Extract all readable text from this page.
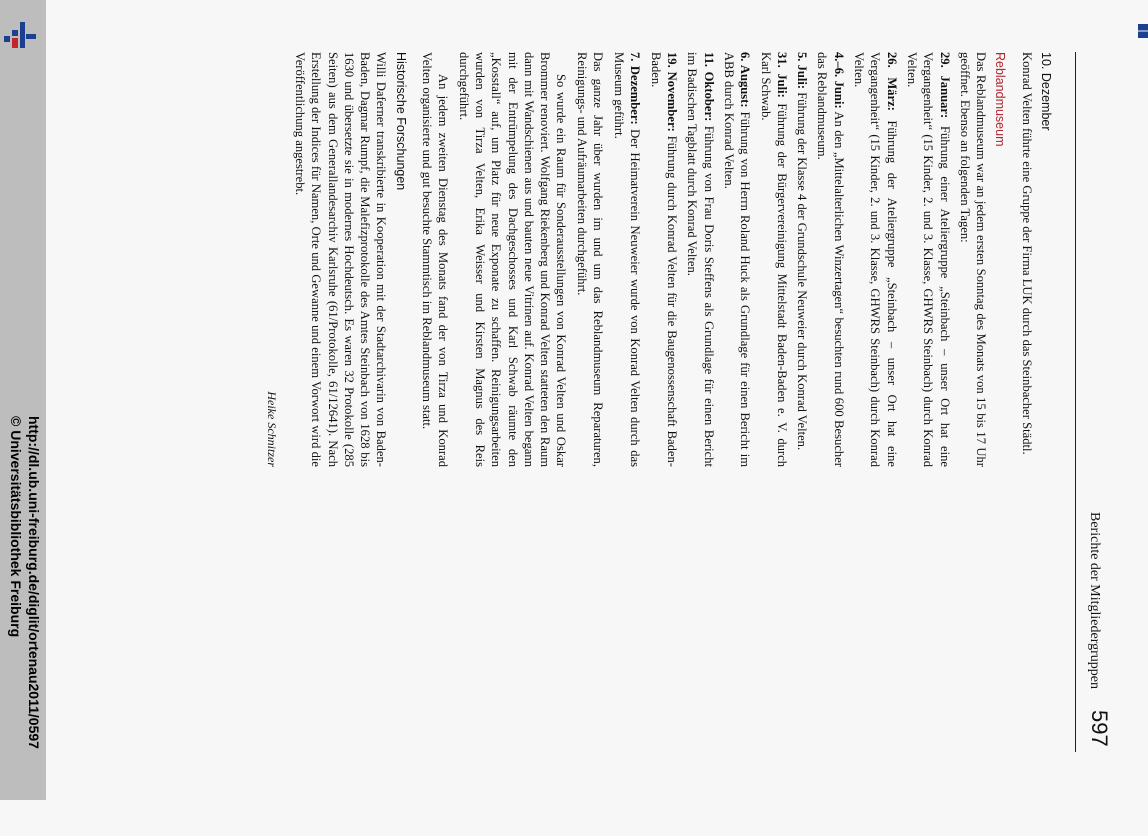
http://dl.ub.uni-freiburg.de/diglit/ortenau2011/0597
© Universitätsbibliothek Freiburg	Berichte der Mitgliedergruppen
597
10. Dezember

Konrad Velten führte eine Gruppe der Firma LUK durch das Steinbacher Städtl.

Reblandmuseum

Das Reblandmuseum war an jedem ersten Sonntag des Monats von 15 bis 17 Uhr geöffnet. Ebenso an folgenden Tagen:

29. Januar: Führung einer Ateliergruppe „Steinbach – unser Ort hat eine Vergangenheit“ (15 Kinder, 2. und 3. Klasse, GHWRS Steinbach) durch Konrad Velten.

26. März: Führung der Ateliergruppe „Steinbach – unser Ort hat eine Vergangenheit“ (15 Kinder, 2. und 3. Klasse, GHWRS Steinbach) durch Konrad Velten.

4.–6. Juni: An den „Mittelalterlichen Winzertagen“ besuchten rund 600 Besucher das Reblandmuseum.

5. Juli: Führung der Klasse 4 der Grundschule Neuweier durch Konrad Velten.

31. Juli: Führung der Bürgervereinigung Mittelstadt Baden-Baden e. V. durch Karl Schwab.

6. August: Führung von Herrn Roland Huck als Grundlage für einen Bericht im ABB durch Konrad Velten.

11. Oktober: Führung von Frau Doris Steffens als Grundlage für einen Bericht im Badischen Tagblatt durch Konrad Velten.

19. November: Führung durch Konrad Velten für die Baugenossenschaft Baden-Baden.

7. Dezember: Der Heimatverein Neuweier wurde von Konrad Velten durch das Museum geführt.

Das ganze Jahr über wurden im und um das Reblandmuseum Reparaturen, Reinigungs- und Aufräumarbeiten durchgeführt.

So wurde ein Raum für Sonderausstellungen von Konrad Velten und Oskar Brommer renoviert. Wolfgang Riekenberg und Konrad Velten statteten den Raum dann mit Wandschienen aus und bauten neue Vitrinen auf. Konrad Velten begann mit der Entrümpelung des Dachgeschosses und Karl Schwab räumte den „Kosstall“ auf, um Platz für neue Exponate zu schaffen. Reinigungsarbeiten wurden von Tirza Velten, Erika Weisser und Kirsten Magnus des Reis durchgeführt.

An jedem zweiten Dienstag des Monats fand der von Tirza und Konrad Velten organisierte und gut besuchte Stammtisch im Reblandmuseum statt.

Historische Forschungen

Willi Daferner transkribierte in Kooperation mit der Stadtarchivarin von Baden-Baden, Dagmar Rumpf, die Malefizprotokolle des Amtes Steinbach von 1628 bis 1630 und übersetzte sie in modernes Hochdeutsch. Es waren 32 Protokolle (285 Seiten) aus dem Generallandesarchiv Karlsruhe (61/Protokolle, 61/12641). Nach Erstellung der Indices für Namen, Orte und Gewanne und einem Vorwort wird die Veröffentlichung angestrebt.

Heike Schnitzer
